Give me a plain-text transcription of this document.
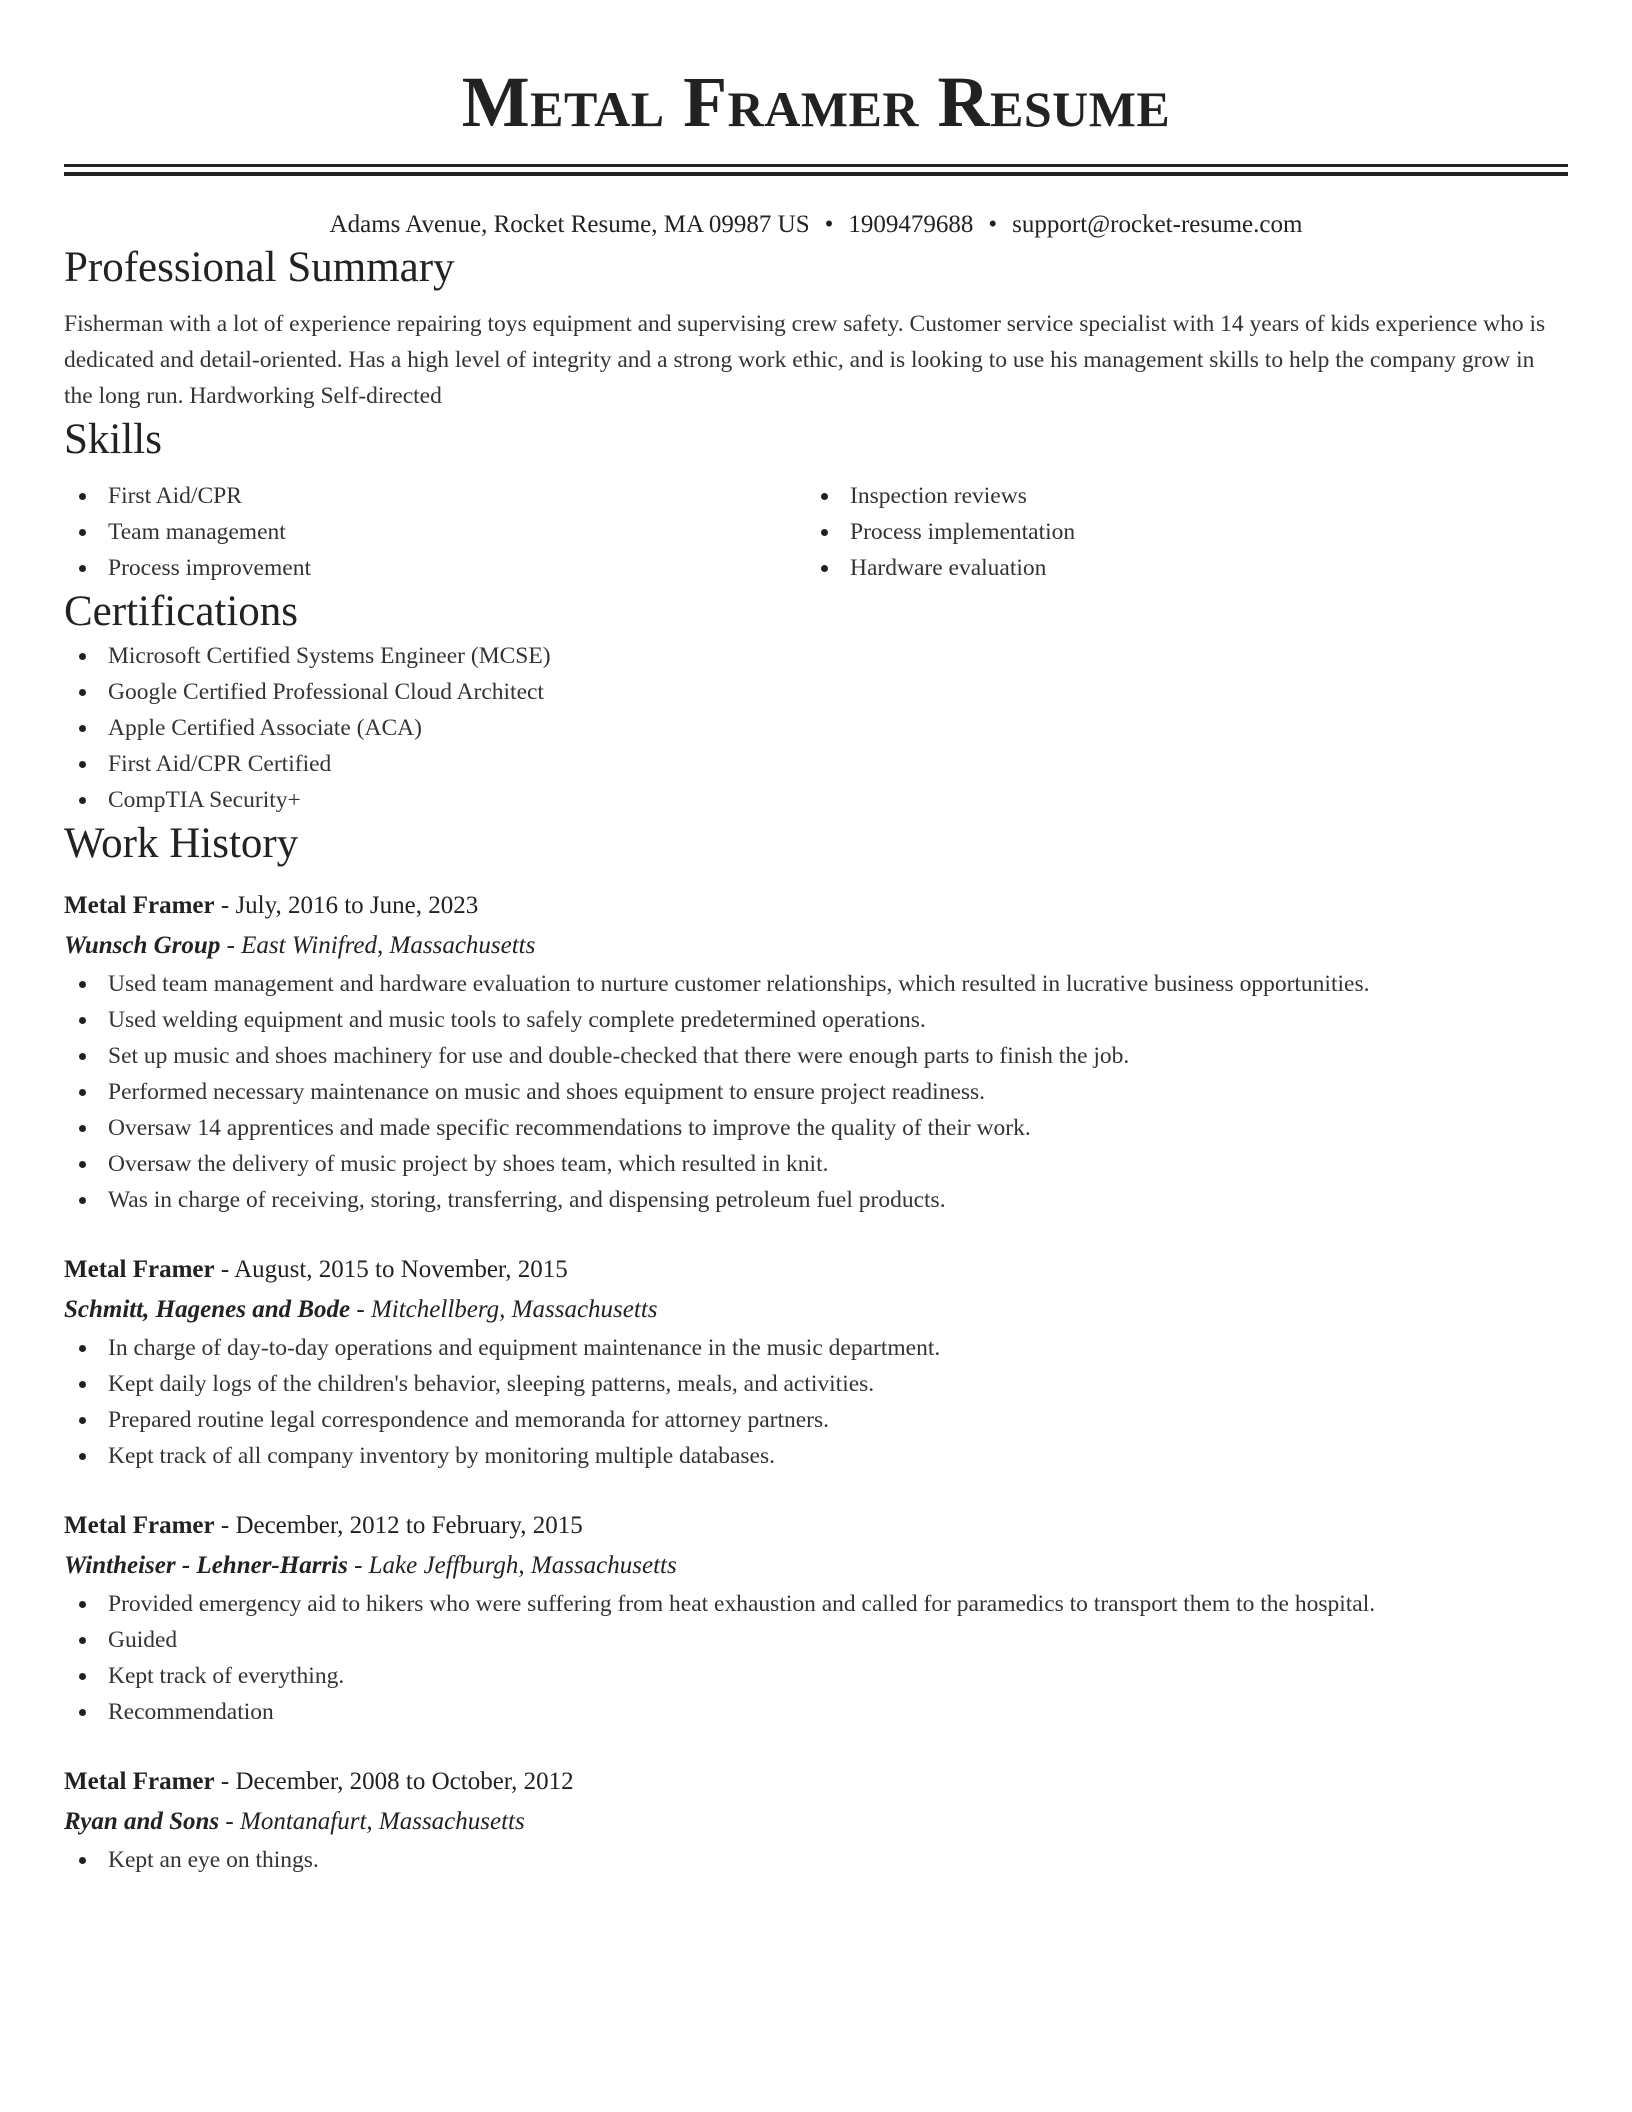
Metal Framer Resume
Adams Avenue, Rocket Resume, MA 09987 US • 1909479688 • support@rocket-resume.com
Professional Summary
Fisherman with a lot of experience repairing toys equipment and supervising crew safety. Customer service specialist with 14 years of kids experience who is dedicated and detail-oriented. Has a high level of integrity and a strong work ethic, and is looking to use his management skills to help the company grow in the long run. Hardworking Self-directed
Skills
First Aid/CPR
Team management
Process improvement
Inspection reviews
Process implementation
Hardware evaluation
Certifications
Microsoft Certified Systems Engineer (MCSE)
Google Certified Professional Cloud Architect
Apple Certified Associate (ACA)
First Aid/CPR Certified
CompTIA Security+
Work History
Metal Framer - July, 2016 to June, 2023
Wunsch Group - East Winifred, Massachusetts
Used team management and hardware evaluation to nurture customer relationships, which resulted in lucrative business opportunities.
Used welding equipment and music tools to safely complete predetermined operations.
Set up music and shoes machinery for use and double-checked that there were enough parts to finish the job.
Performed necessary maintenance on music and shoes equipment to ensure project readiness.
Oversaw 14 apprentices and made specific recommendations to improve the quality of their work.
Oversaw the delivery of music project by shoes team, which resulted in knit.
Was in charge of receiving, storing, transferring, and dispensing petroleum fuel products.
Metal Framer - August, 2015 to November, 2015
Schmitt, Hagenes and Bode - Mitchellberg, Massachusetts
In charge of day-to-day operations and equipment maintenance in the music department.
Kept daily logs of the children's behavior, sleeping patterns, meals, and activities.
Prepared routine legal correspondence and memoranda for attorney partners.
Kept track of all company inventory by monitoring multiple databases.
Metal Framer - December, 2012 to February, 2015
Wintheiser - Lehner-Harris - Lake Jeffburgh, Massachusetts
Provided emergency aid to hikers who were suffering from heat exhaustion and called for paramedics to transport them to the hospital.
Guided
Kept track of everything.
Recommendation
Metal Framer - December, 2008 to October, 2012
Ryan and Sons - Montanafurt, Massachusetts
Kept an eye on things.
